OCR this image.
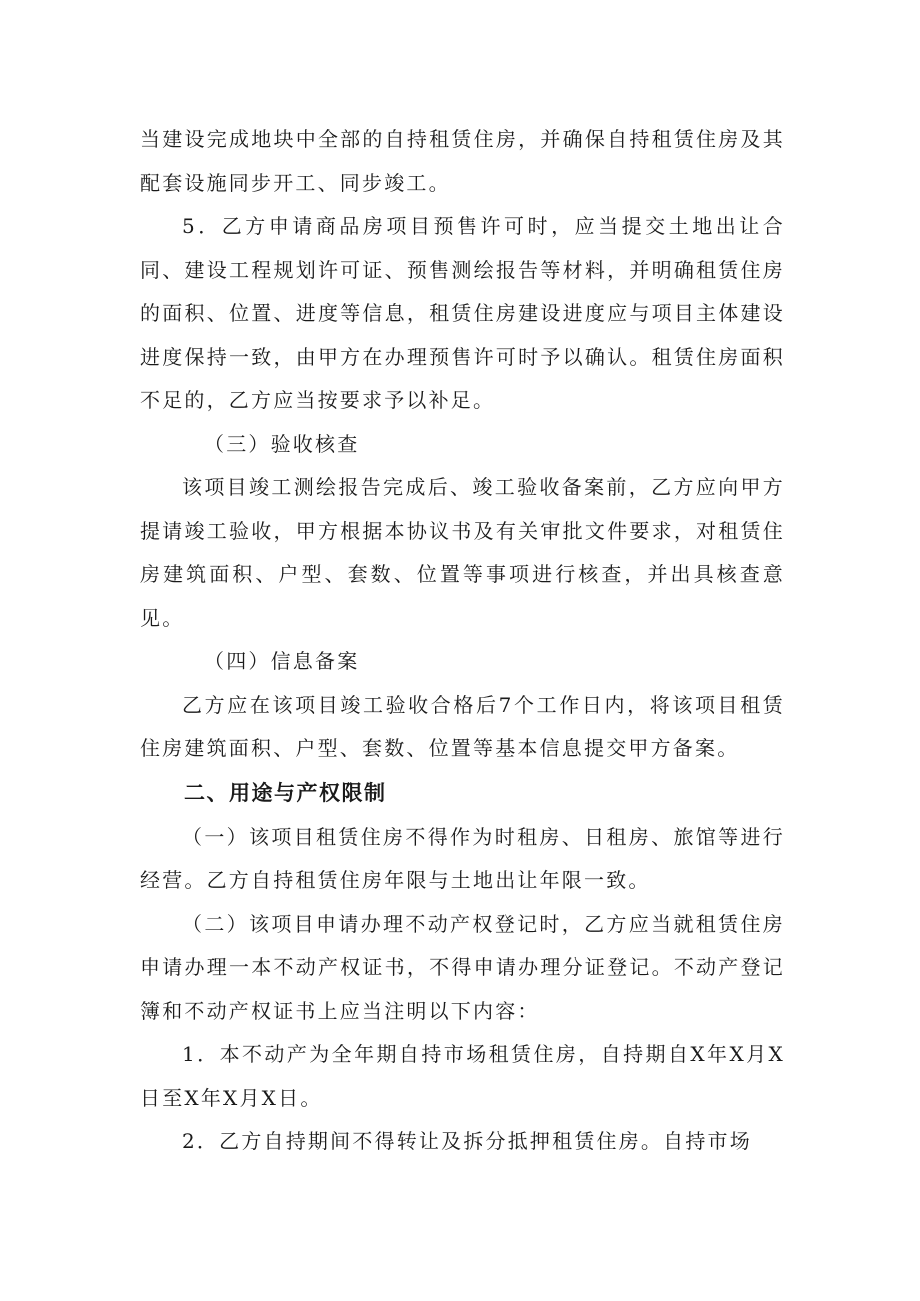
当建设完成地块中全部的自持租赁住房，并确保自持租赁住房及其配套设施同步开工、同步竣工。

5．乙方申请商品房项目预售许可时，应当提交土地出让合同、建设工程规划许可证、预售测绘报告等材料，并明确租赁住房的面积、位置、进度等信息，租赁住房建设进度应与项目主体建设进度保持一致，由甲方在办理预售许可时予以确认。租赁住房面积不足的，乙方应当按要求予以补足。

（三）验收核查

该项目竣工测绘报告完成后、竣工验收备案前，乙方应向甲方提请竣工验收，甲方根据本协议书及有关审批文件要求，对租赁住房建筑面积、户型、套数、位置等事项进行核查，并出具核查意见。

（四）信息备案

乙方应在该项目竣工验收合格后7个工作日内，将该项目租赁住房建筑面积、户型、套数、位置等基本信息提交甲方备案。

二、用途与产权限制

（一）该项目租赁住房不得作为时租房、日租房、旅馆等进行经营。乙方自持租赁住房年限与土地出让年限一致。

（二）该项目申请办理不动产权登记时，乙方应当就租赁住房申请办理一本不动产权证书，不得申请办理分证登记。不动产登记簿和不动产权证书上应当注明以下内容：

1．本不动产为全年期自持市场租赁住房，自持期自X年X月X日至X年X月X日。

2．乙方自持期间不得转让及拆分抵押租赁住房。自持市场
